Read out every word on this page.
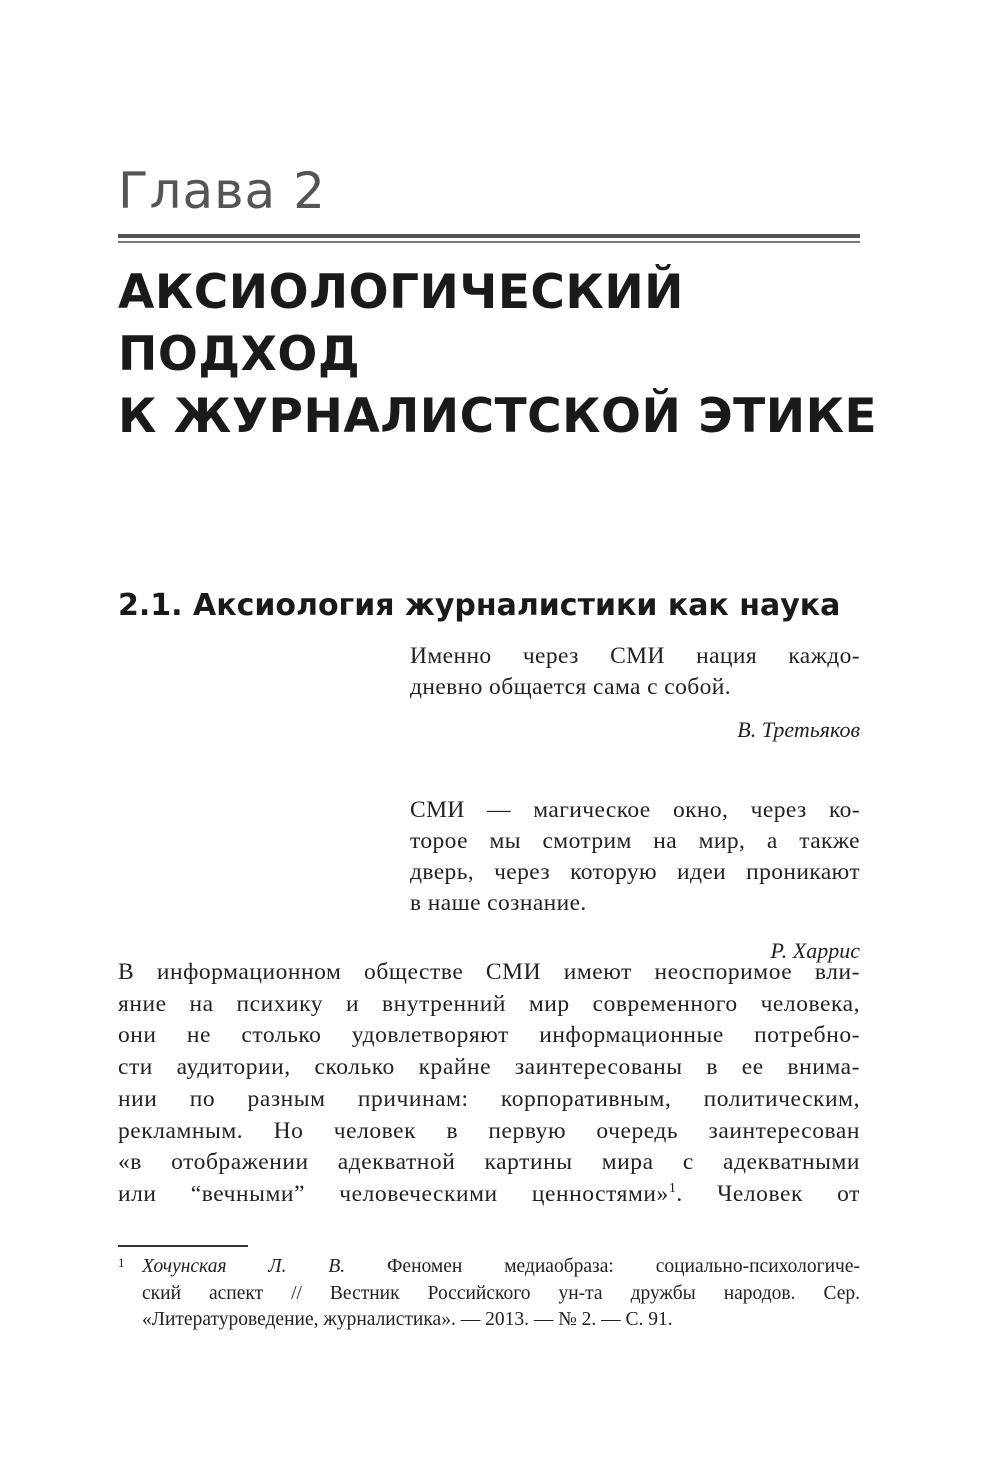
Глава 2
АКСИОЛОГИЧЕСКИЙ
ПОДХОД
К ЖУРНАЛИСТСКОЙ ЭТИКЕ
2.1. Аксиология журналистики как наука

Именно через СМИ нация каждо-
дневно общается сама с собой.

В. Третьяков

СМИ — магическое окно, через ко-
торое мы смотрим на мир, а также
дверь, через которую идеи проникают
в наше сознание.

Р. Харрис

В информационном обществе СМИ имеют неоспоримое вли-
яние на психику и внутренний мир современного человека,
они не столько удовлетворяют информационные потребно-
сти аудитории, сколько крайне заинтересованы в ее внима-
нии по разным причинам: корпоративным, политическим,
рекламным. Но человек в первую очередь заинтересован
«в отображении адекватной картины мира с адекватными
или “вечными” человеческими ценностями»$^1$. Человек от

1 Хочунская Л. В. Феномен медиаобраза: социально-психологиче-
ский аспект // Вестник Российского ун-та дружбы народов. Сер.
«Литературоведение, журналистика». — 2013. — № 2. — С. 91.
